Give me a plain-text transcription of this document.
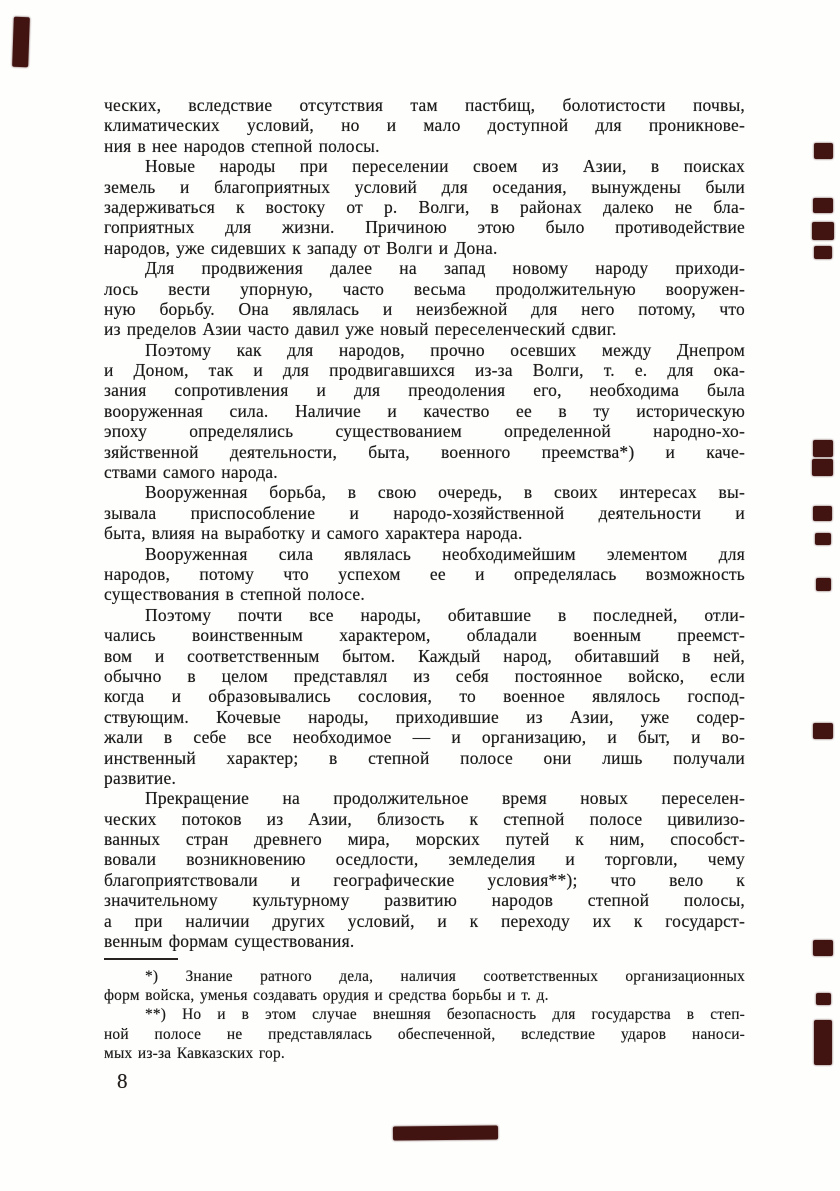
ческих, вследствие отсутствия там пастбищ, болотистости почвы,
климатических условий, но и мало доступной для проникнове-
ния в нее народов степной полосы.
Новые народы при переселении своем из Азии, в поисках
земель и благоприятных условий для оседания, вынуждены были
задерживаться к востоку от р. Волги, в районах далеко не бла-
гоприятных для жизни. Причиною этою было противодействие
народов, уже сидевших к западу от Волги и Дона.
Для продвижения далее на запад новому народу приходи-
лось вести упорную, часто весьма продолжительную вооружен-
ную борьбу. Она являлась и неизбежной для него потому, что
из пределов Азии часто давил уже новый переселенческий сдвиг.
Поэтому как для народов, прочно осевших между Днепром
и Доном, так и для продвигавшихся из-за Волги, т. е. для ока-
зания сопротивления и для преодоления его, необходима была
вооруженная сила. Наличие и качество ее в ту историческую
эпоху определялись существованием определенной народно-хо-
зяйственной деятельности, быта, военного преемства*) и каче-
ствами самого народа.
Вооруженная борьба, в свою очередь, в своих интересах вы-
зывала приспособление и народо-хозяйственной деятельности и
быта, влияя на выработку и самого характера народа.
Вооруженная сила являлась необходимейшим элементом для
народов, потому что успехом ее и определялась возможность
существования в степной полосе.
Поэтому почти все народы, обитавшие в последней, отли-
чались воинственным характером, обладали военным преемст-
вом и соответственным бытом. Каждый народ, обитавший в ней,
обычно в целом представлял из себя постоянное войско, если
когда и образовывались сословия, то военное являлось господ-
ствующим. Кочевые народы, приходившие из Азии, уже содер-
жали в себе все необходимое — и организацию, и быт, и во-
инственный характер; в степной полосе они лишь получали
развитие.
Прекращение на продолжительное время новых переселен-
ческих потоков из Азии, близость к степной полосе цивилизо-
ванных стран древнего мира, морских путей к ним, способст-
вовали возникновению оседлости, земледелия и торговли, чему
благоприятствовали и географические условия**); что вело к
значительному культурному развитию народов степной полосы,
а при наличии других условий, и к переходу их к государст-
венным формам существования.
*) Знание ратного дела, наличия соответственных организационных
форм войска, уменья создавать орудия и средства борьбы и т. д.
**) Но и в этом случае внешняя безопасность для государства в степ-
ной полосе не представлялась обеспеченной, вследствие ударов наноси-
мых из-за Кавказских гор.
8
